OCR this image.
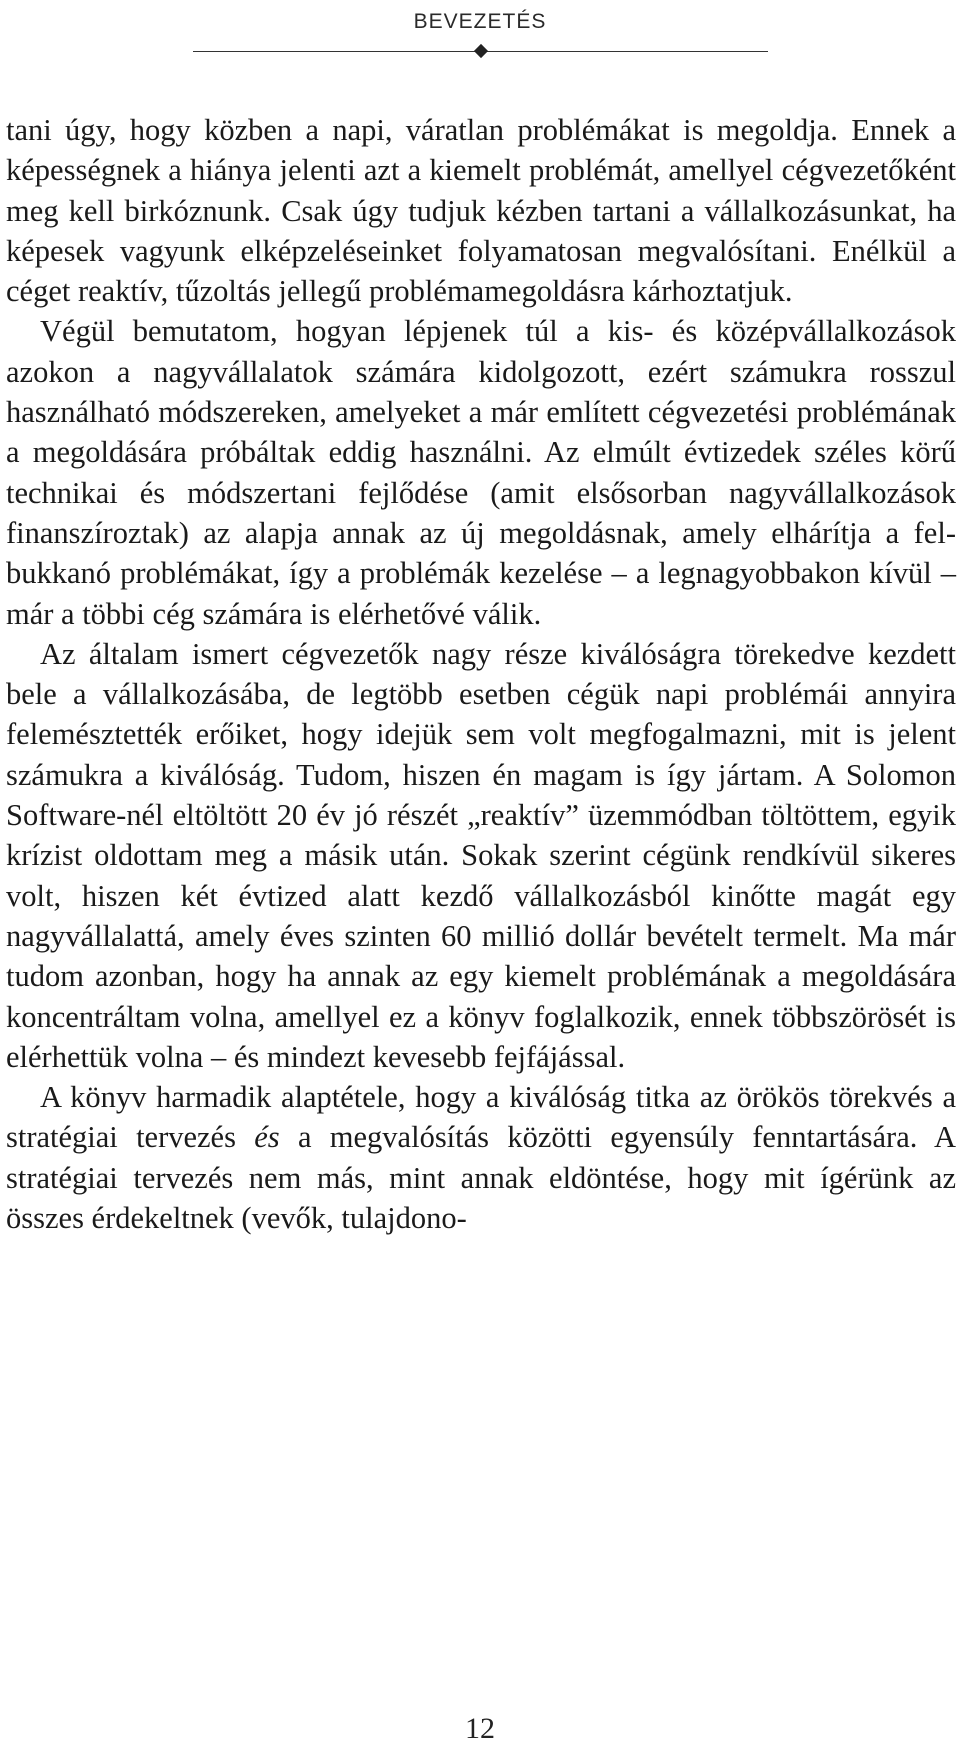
BEVEZETÉS

tani úgy, hogy közben a napi, váratlan problémákat is megoldja. Ennek a képességnek a hiánya jelenti azt a kiemelt problémát, amellyel cégvezetőként meg kell birkóznunk. Csak úgy tudjuk kézben tartani a vállalkozásunkat, ha képesek vagyunk elképzeléseinket folyamatosan megvalósítani. Enélkül a céget reaktív, tűzoltás jellegű problémamegoldásra kárhoztatjuk.

Végül bemutatom, hogyan lépjenek túl a kis- és középvállalkozások azokon a nagyvállalatok számára kidolgozott, ezért számukra rosszul használható módszereken, amelyeket a már említett cégvezetési problémának a megoldására próbáltak eddig használni. Az elmúlt évtizedek széles körű technikai és módszertani fejlődése (amit elsősorban nagyvállalkozások finanszíroztak) az alapja annak az új megoldásnak, amely elhárítja a felbukkanó problémákat, így a problémák kezelése – a legnagyobbakon kívül – már a többi cég számára is elérhetővé válik.

Az általam ismert cégvezetők nagy része kiválóságra törekedve kezdett bele a vállalkozásába, de legtöbb esetben cégük napi problémái annyira felemésztették erőiket, hogy idejük sem volt megfogalmazni, mit is jelent számukra a kiválóság. Tudom, hiszen én magam is így jártam. A Solomon Software-nél eltöltött 20 év jó részét „reaktív” üzemmódban töltöttem, egyik krízist oldottam meg a másik után. Sokak szerint cégünk rendkívül sikeres volt, hiszen két évtized alatt kezdő vállalkozásból kinőtte magát egy nagyvállalattá, amely éves szinten 60 millió dollár bevételt termelt. Ma már tudom azonban, hogy ha annak az egy kiemelt problémának a megoldására koncentráltam volna, amellyel ez a könyv foglalkozik, ennek többszörösét is elérhettük volna – és mindezt kevesebb fejfájással.

A könyv harmadik alaptétele, hogy a kiválóság titka az örökös törekvés a stratégiai tervezés és a megvalósítás közötti egyensúly fenntartására. A stratégiai tervezés nem más, mint annak eldöntése, hogy mit ígérünk az összes érdekeltnek (vevők, tulajdono-

12
